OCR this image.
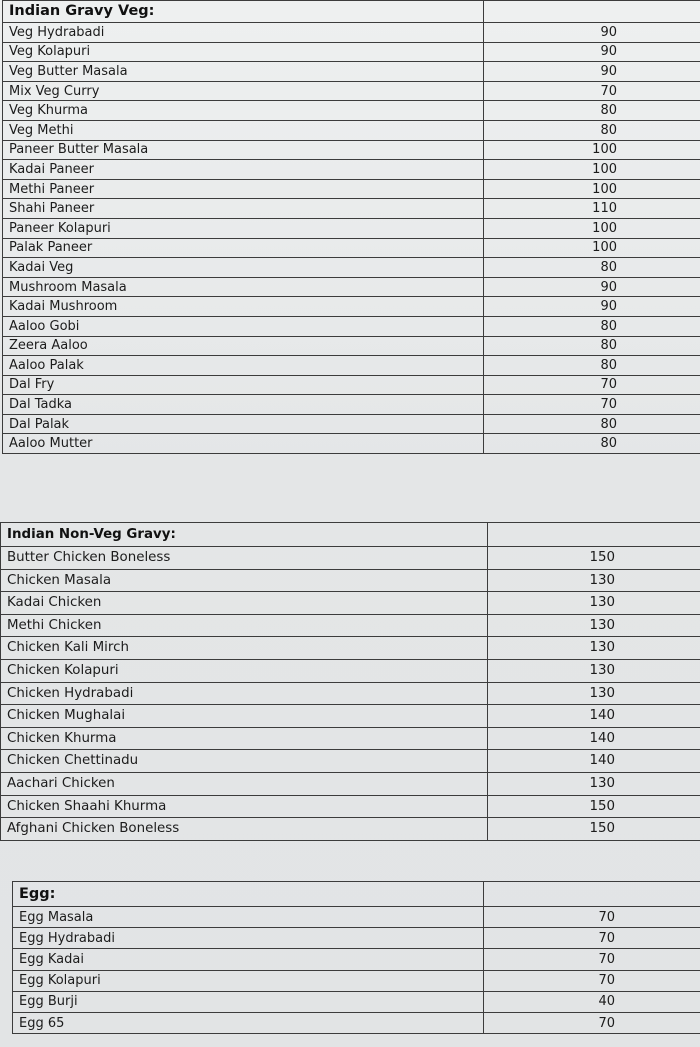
Indian Gravy Veg:	
Veg Hydrabadi	90
Veg Kolapuri	90
Veg Butter Masala	90
Mix Veg Curry	70
Veg Khurma	80
Veg Methi	80
Paneer Butter Masala	100
Kadai Paneer	100
Methi Paneer	100
Shahi Paneer	110
Paneer Kolapuri	100
Palak Paneer	100
Kadai Veg	80
Mushroom Masala	90
Kadai Mushroom	90
Aaloo Gobi	80
Zeera Aaloo	80
Aaloo Palak	80
Dal Fry	70
Dal Tadka	70
Dal Palak	80
Aaloo Mutter	80
Indian Non-Veg Gravy:	
Butter Chicken Boneless	150
Chicken Masala	130
Kadai Chicken	130
Methi Chicken	130
Chicken Kali Mirch	130
Chicken Kolapuri	130
Chicken Hydrabadi	130
Chicken Mughalai	140
Chicken Khurma	140
Chicken Chettinadu	140
Aachari Chicken	130
Chicken Shaahi Khurma	150
Afghani Chicken Boneless	150
Egg:	
Egg Masala	70
Egg Hydrabadi	70
Egg Kadai	70
Egg Kolapuri	70
Egg Burji	40
Egg 65	70
